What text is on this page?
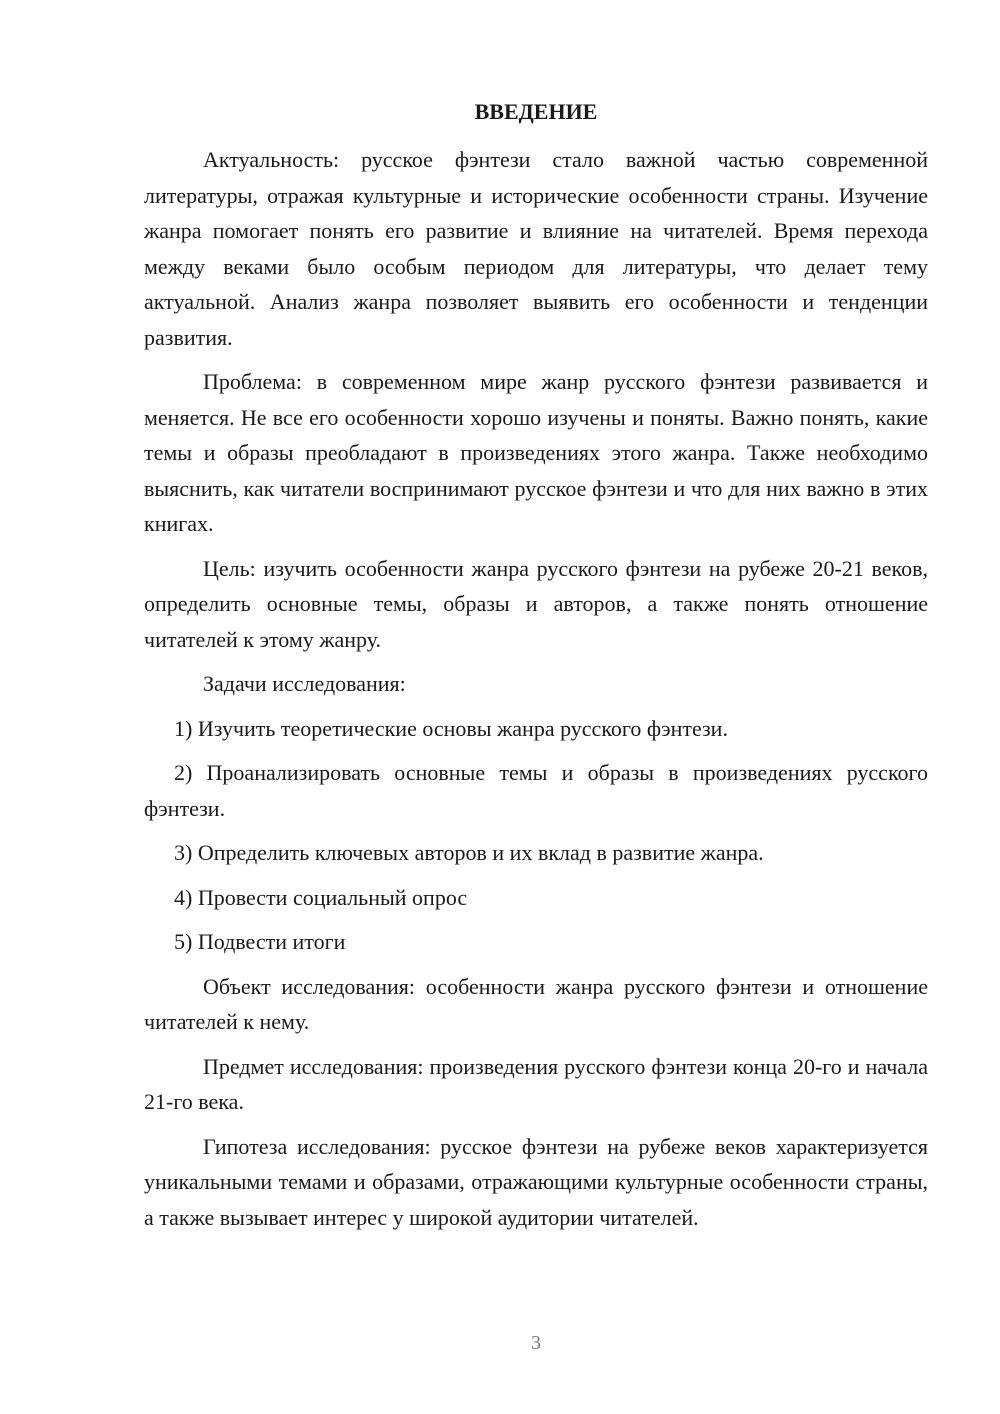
ВВЕДЕНИЕ

Актуальность: русское фэнтези стало важной частью современной литературы, отражая культурные и исторические особенности страны. Изучение жанра помогает понять его развитие и влияние на читателей. Время перехода между веками было особым периодом для литературы, что делает тему актуальной. Анализ жанра позволяет выявить его особенности и тенденции развития.

Проблема: в современном мире жанр русского фэнтези развивается и меняется. Не все его особенности хорошо изучены и поняты. Важно понять, какие темы и образы преобладают в произведениях этого жанра. Также необходимо выяснить, как читатели воспринимают русское фэнтези и что для них важно в этих книгах.

Цель: изучить особенности жанра русского фэнтези на рубеже 20-21 веков, определить основные темы, образы и авторов, а также понять отношение читателей к этому жанру.

Задачи исследования:

1) Изучить теоретические основы жанра русского фэнтези.

2) Проанализировать основные темы и образы в произведениях русского фэнтези.

3) Определить ключевых авторов и их вклад в развитие жанра.

4) Провести социальный опрос

5) Подвести итоги

Объект исследования: особенности жанра русского фэнтези и отношение читателей к нему.

Предмет исследования: произведения русского фэнтези конца 20-го и начала 21-го века.

Гипотеза исследования: русское фэнтези на рубеже веков характеризуется уникальными темами и образами, отражающими культурные особенности страны, а также вызывает интерес у широкой аудитории читателей.

3
